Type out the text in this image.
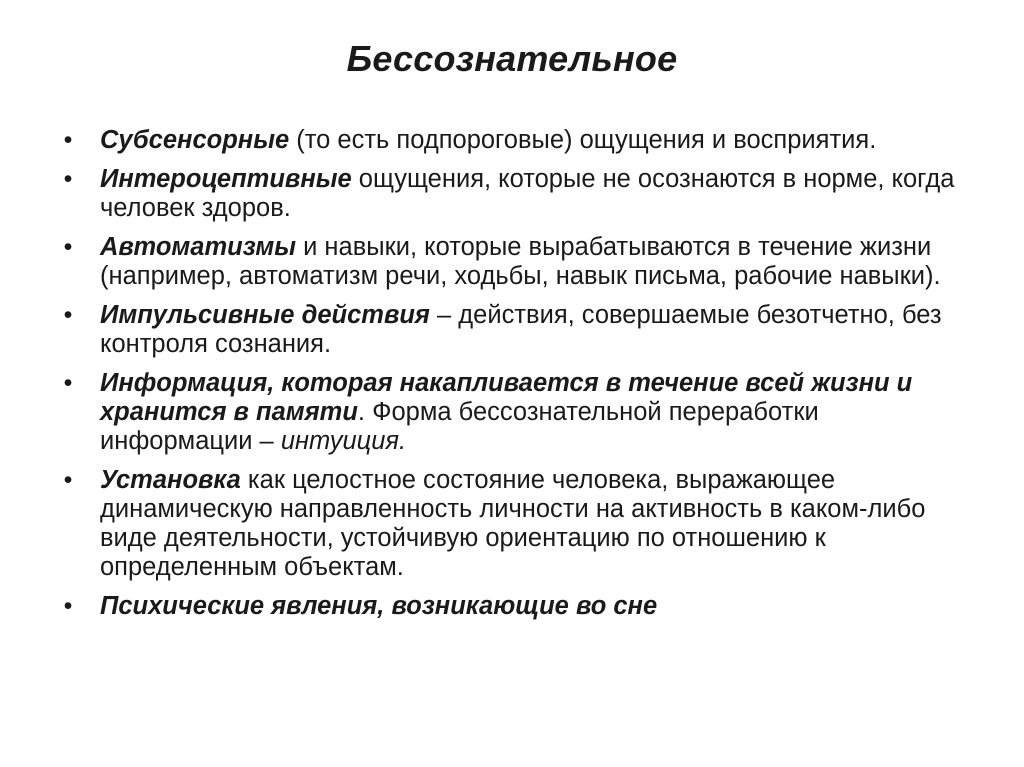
Бессознательное
• Субсенсорные (то есть подпороговые) ощущения и восприятия.
• Интероцептивные ощущения, которые не осознаются в норме, когда человек здоров.
• Автоматизмы и навыки, которые вырабатываются в течение жизни (например, автоматизм речи, ходьбы, навык письма, рабочие навыки).
• Импульсивные действия – действия, совершаемые безотчетно, без контроля сознания.
• Информация, которая накапливается в течение всей жизни и хранится в памяти. Форма бессознательной переработки информации – интуиция.
• Установка как целостное состояние человека, выражающее динамическую направленность личности на активность в каком-либо виде деятельности, устойчивую ориентацию по отношению к определенным объектам.
• Психические явления, возникающие во сне
